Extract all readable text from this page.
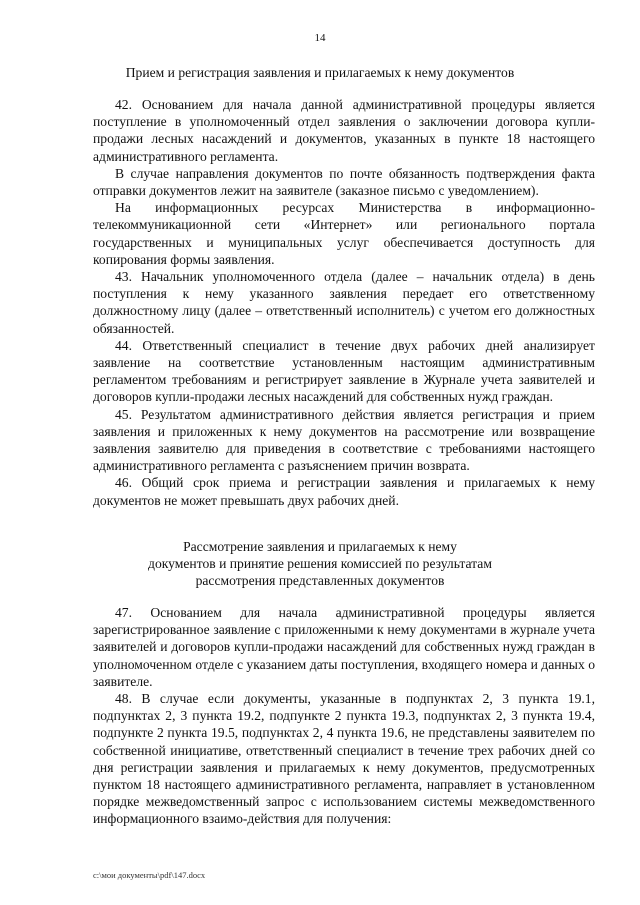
14
Прием и регистрация заявления и прилагаемых к нему документов

42. Основанием для начала данной административной процедуры является поступление в уполномоченный отдел заявления о заключении договора купли-продажи лесных насаждений и документов, указанных в пункте 18 настоящего административного регламента.

В случае направления документов по почте обязанность подтверждения факта отправки документов лежит на заявителе (заказное письмо с уведомлением).

На информационных ресурсах Министерства в информационно-телекоммуникационной сети «Интернет» или регионального портала государственных и муниципальных услуг обеспечивается доступность для копирования формы заявления.

43. Начальник уполномоченного отдела (далее – начальник отдела) в день поступления к нему указанного заявления передает его ответственному должностному лицу (далее – ответственный исполнитель) с учетом его должностных обязанностей.

44. Ответственный специалист в течение двух рабочих дней анализирует заявление на соответствие установленным настоящим административным регламентом требованиям и регистрирует заявление в Журнале учета заявителей и договоров купли-продажи лесных насаждений для собственных нужд граждан.

45. Результатом административного действия является регистрация и прием заявления и приложенных к нему документов на рассмотрение или возвращение заявления заявителю для приведения в соответствие с требованиями настоящего административного регламента с разъяснением причин возврата.

46. Общий срок приема и регистрации заявления и прилагаемых к нему документов не может превышать двух рабочих дней.

Рассмотрение заявления и прилагаемых к нему
документов и принятие решения комиссией по результатам
рассмотрения представленных документов

47. Основанием для начала административной процедуры является зарегистрированное заявление с приложенными к нему документами в журнале учета заявителей и договоров купли-продажи насаждений для собственных нужд граждан в уполномоченном отделе с указанием даты поступления, входящего номера и данных о заявителе.

48. В случае если документы, указанные в подпунктах 2, 3 пункта 19.1, подпунктах 2, 3 пункта 19.2, подпункте 2 пункта 19.3, подпунктах 2, 3 пункта 19.4, подпункте 2 пункта 19.5, подпунктах 2, 4 пункта 19.6, не представлены заявителем по собственной инициативе, ответственный специалист в течение трех рабочих дней со дня регистрации заявления и прилагаемых к нему документов, предусмотренных пунктом 18 настоящего административного регламента, направляет в установленном порядке межведомственный запрос с использованием системы межведомственного информационного взаимо-действия для получения:

c:\мои документы\pdf\147.docx
